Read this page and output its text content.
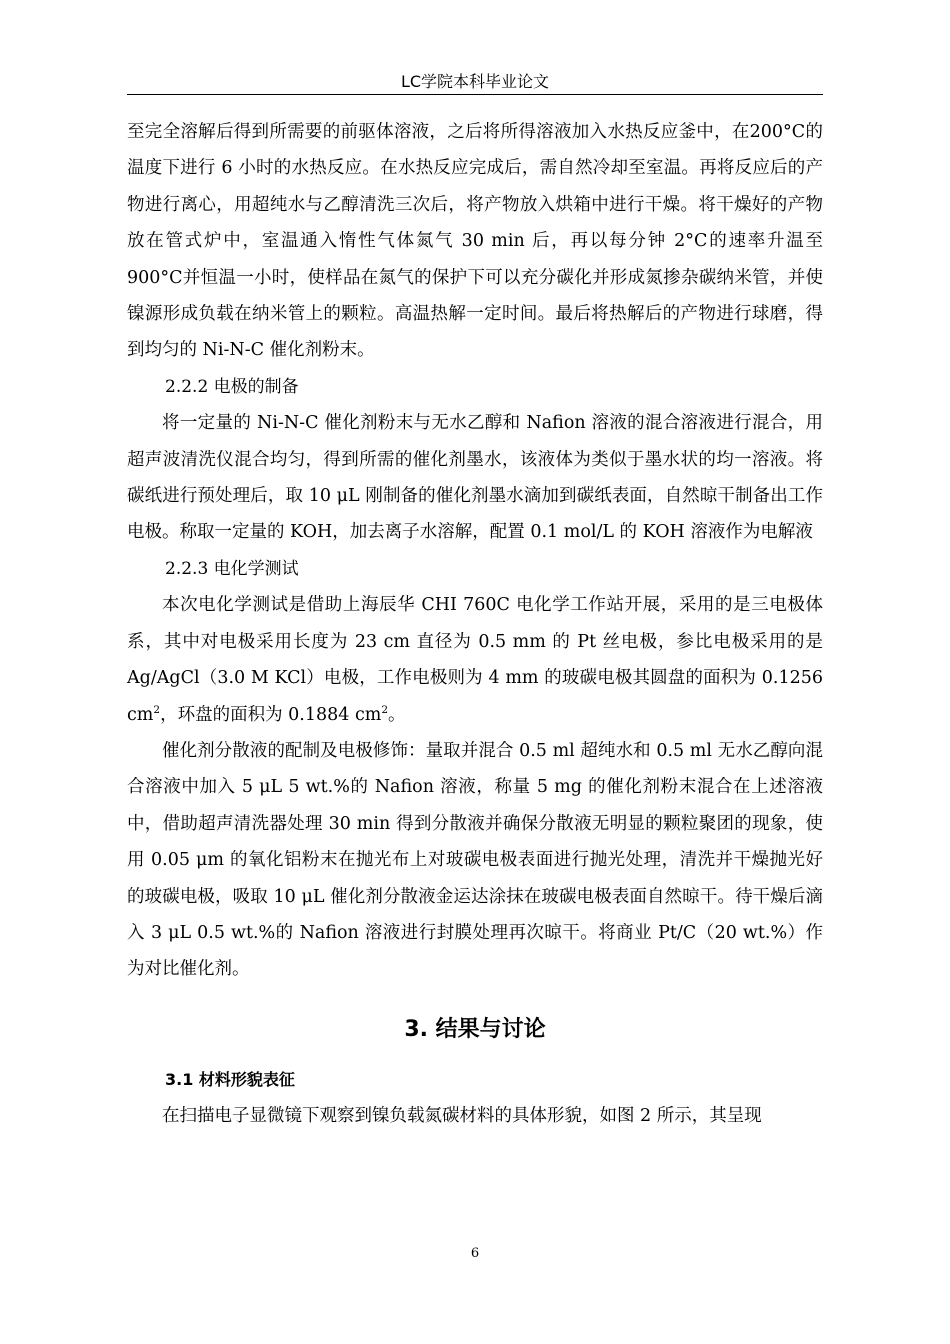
LC学院本科毕业论文

至完全溶解后得到所需要的前驱体溶液，之后将所得溶液加入水热反应釜中，在200°C的温度下进行 6 小时的水热反应。在水热反应完成后，需自然冷却至室温。再将反应后的产物进行离心，用超纯水与乙醇清洗三次后，将产物放入烘箱中进行干燥。将干燥好的产物放在管式炉中，室温通入惰性气体氮气 30 min 后，再以每分钟 2°C的速率升温至 900°C并恒温一小时，使样品在氮气的保护下可以充分碳化并形成氮掺杂碳纳米管，并使镍源形成负载在纳米管上的颗粒。高温热解一定时间。最后将热解后的产物进行球磨，得到均匀的 Ni-N-C 催化剂粉末。

2.2.2 电极的制备

将一定量的 Ni-N-C 催化剂粉末与无水乙醇和 Nafion 溶液的混合溶液进行混合，用超声波清洗仪混合均匀，得到所需的催化剂墨水，该液体为类似于墨水状的均一溶液。将碳纸进行预处理后，取 10 μL 刚制备的催化剂墨水滴加到碳纸表面，自然晾干制备出工作电极。称取一定量的 KOH，加去离子水溶解，配置 0.1 mol/L 的 KOH 溶液作为电解液

2.2.3 电化学测试

本次电化学测试是借助上海辰华 CHI 760C 电化学工作站开展，采用的是三电极体系，其中对电极采用长度为 23 cm 直径为 0.5 mm 的 Pt 丝电极，参比电极采用的是 Ag/AgCl（3.0 M KCl）电极，工作电极则为 4 mm 的玻碳电极其圆盘的面积为 0.1256 $cm^2$，环盘的面积为 0.1884 $cm^2$。

催化剂分散液的配制及电极修饰：量取并混合 0.5 ml 超纯水和 0.5 ml 无水乙醇向混合溶液中加入 5 μL 5 wt.%的 Nafion 溶液，称量 5 mg 的催化剂粉末混合在上述溶液中，借助超声清洗器处理 30 min 得到分散液并确保分散液无明显的颗粒聚团的现象，使用 0.05 μm 的氧化铝粉末在抛光布上对玻碳电极表面进行抛光处理，清洗并干燥抛光好的玻碳电极，吸取 10 μL 催化剂分散液金运达涂抹在玻碳电极表面自然晾干。待干燥后滴入 3 μL 0.5 wt.%的 Nafion 溶液进行封膜处理再次晾干。将商业 Pt/C（20 wt.%）作为对比催化剂。

3. 结果与讨论
3.1 材料形貌表征

在扫描电子显微镜下观察到镍负载氮碳材料的具体形貌，如图 2 所示，其呈现

6
